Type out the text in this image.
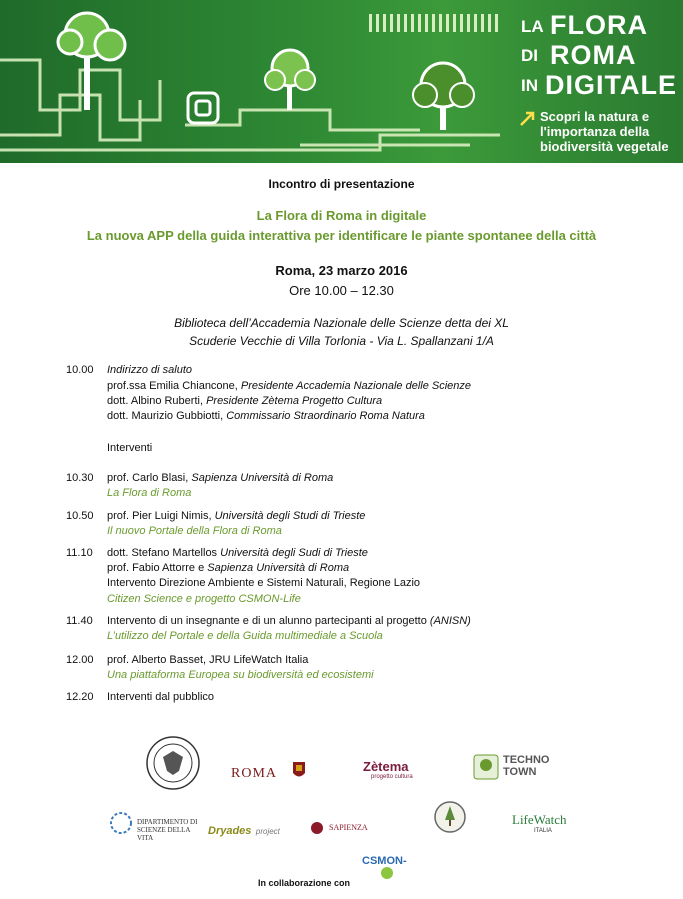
LA FLORA
DI ROMA
IN DIGITALE
Scopri la natura e
l'importanza della
biodiversità vegetale
Incontro di presentazione
La Flora di Roma in digitale
La nuova APP della guida interattiva per identificare le piante spontanee della città
Roma, 23 marzo 2016
Ore 10.00 – 12.30
Biblioteca dell’Accademia Nazionale delle Scienze detta dei XL
Scuderie Vecchie di Villa Torlonia - Via L. Spallanzani 1/A
10.00 Indirizzo di saluto
prof.ssa Emilia Chiancone, Presidente Accademia Nazionale delle Scienze
dott. Albino Ruberti, Presidente Zètema Progetto Cultura
dott. Maurizio Gubbiotti, Commissario Straordinario Roma Natura
Interventi
10.30 prof. Carlo Blasi, Sapienza Università di Roma
La Flora di Roma
10.50 prof. Pier Luigi Nimis, Università degli Studi di Trieste
Il nuovo Portale della Flora di Roma
11.10 dott. Stefano Martellos Università degli Sudi di Trieste
prof. Fabio Attorre e Sapienza Università di Roma
Intervento Direzione Ambiente e Sistemi Naturali, Regione Lazio
Citizen Science e progetto CSMON-Life
11.40 Intervento di un insegnante e di un alunno partecipanti al progetto (ANISN)
L’utilizzo del Portale e della Guida multimediale a Scuola
12.00 prof. Alberto Basset, JRU LifeWatch Italia
Una piattaforma Europea su biodiversità ed ecosistemi
12.20 Interventi dal pubblico
ROMA	Zètema
progetto cultura
TECHNO
TOWN
DIPARTIMENTO DI
SCIENZE DELLA VITA
Dryades project	SAPIENZA
LifeWatch
ITALIA
CSMON-
In collaborazione con
